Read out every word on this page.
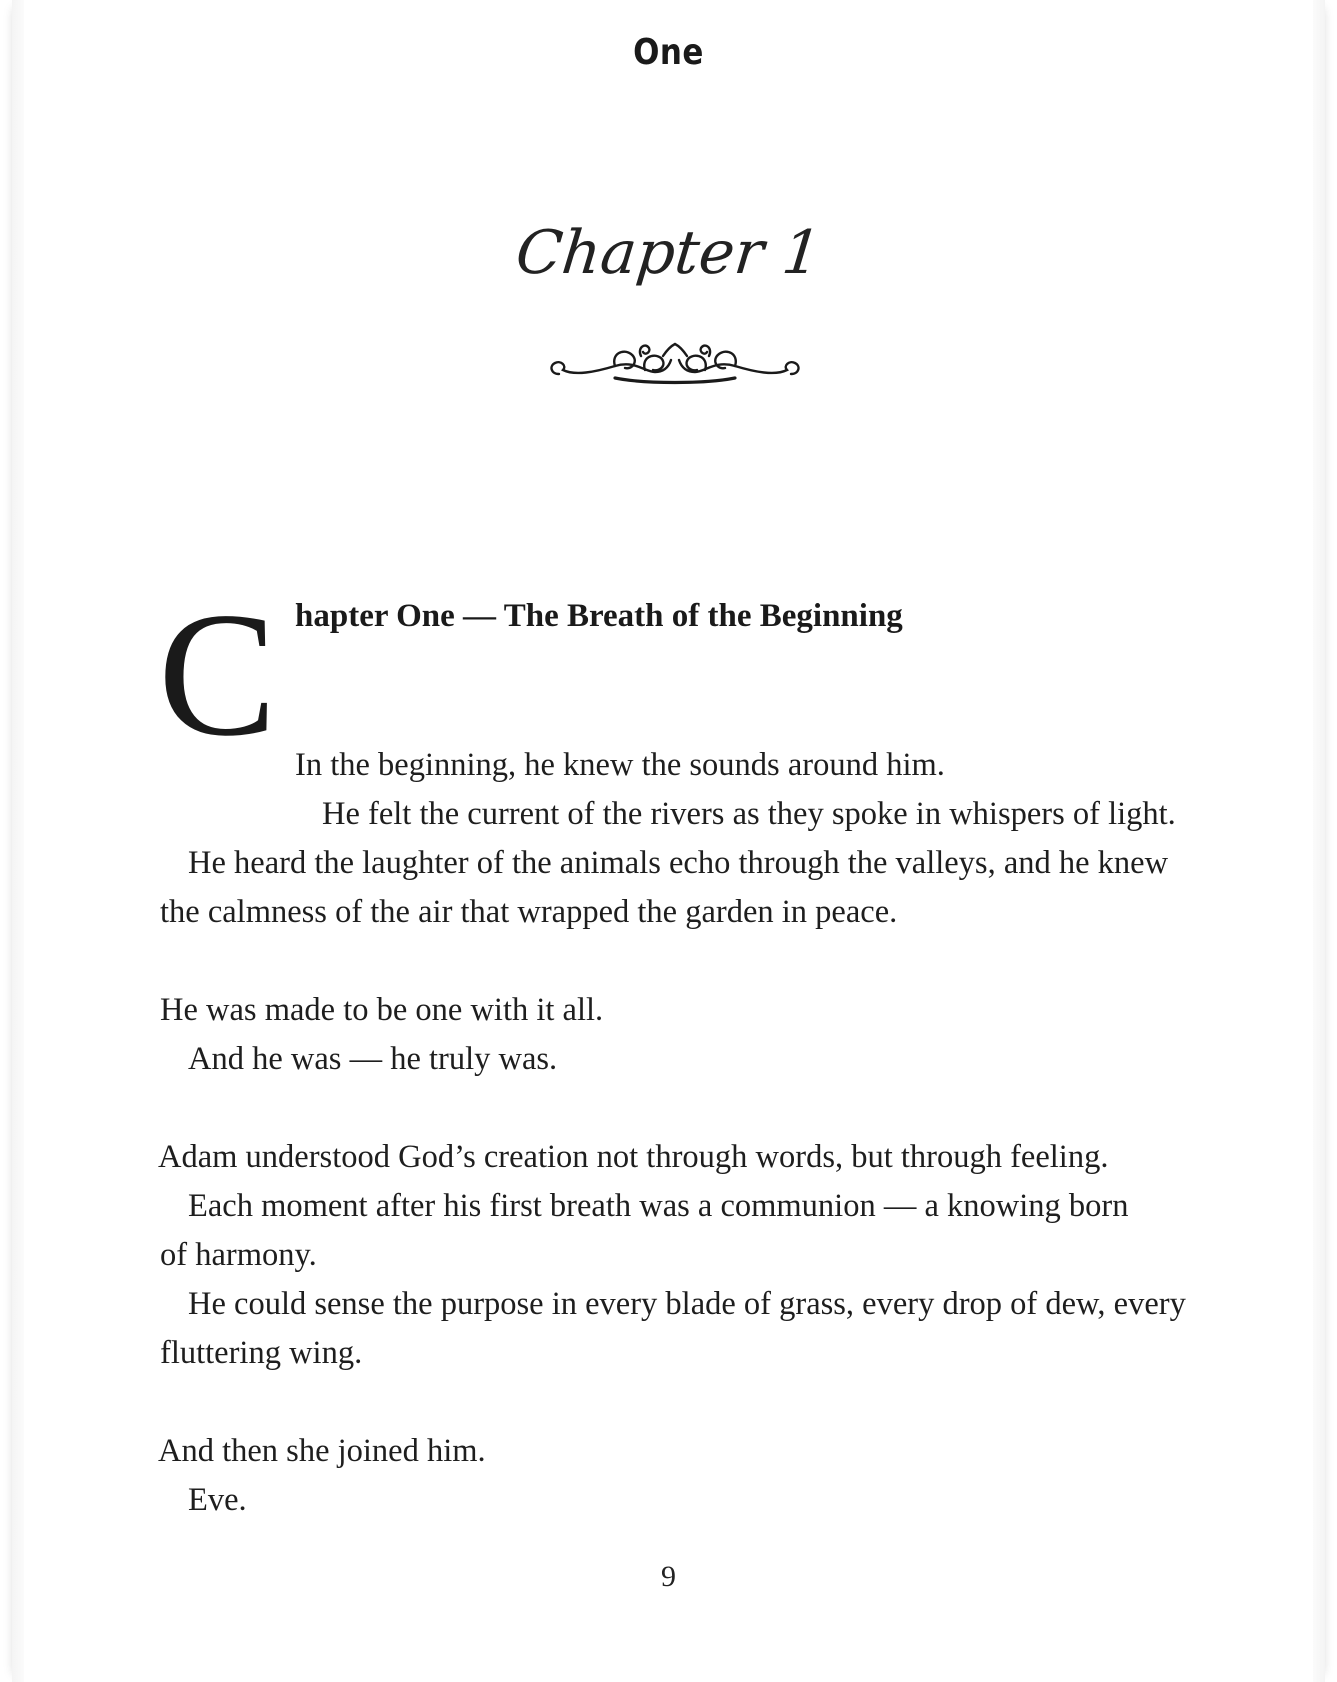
One
Chapter 1
C hapter One — The Breath of the Beginning
In the beginning, he knew the sounds around him.
He felt the current of the rivers as they spoke in whispers of light.
He heard the laughter of the animals echo through the valleys, and he knew
the calmness of the air that wrapped the garden in peace.
He was made to be one with it all.
And he was — he truly was.
Adam understood God’s creation not through words, but through feeling.
Each moment after his first breath was a communion — a knowing born
of harmony.
He could sense the purpose in every blade of grass, every drop of dew, every
fluttering wing.
And then she joined him.
Eve.
9
